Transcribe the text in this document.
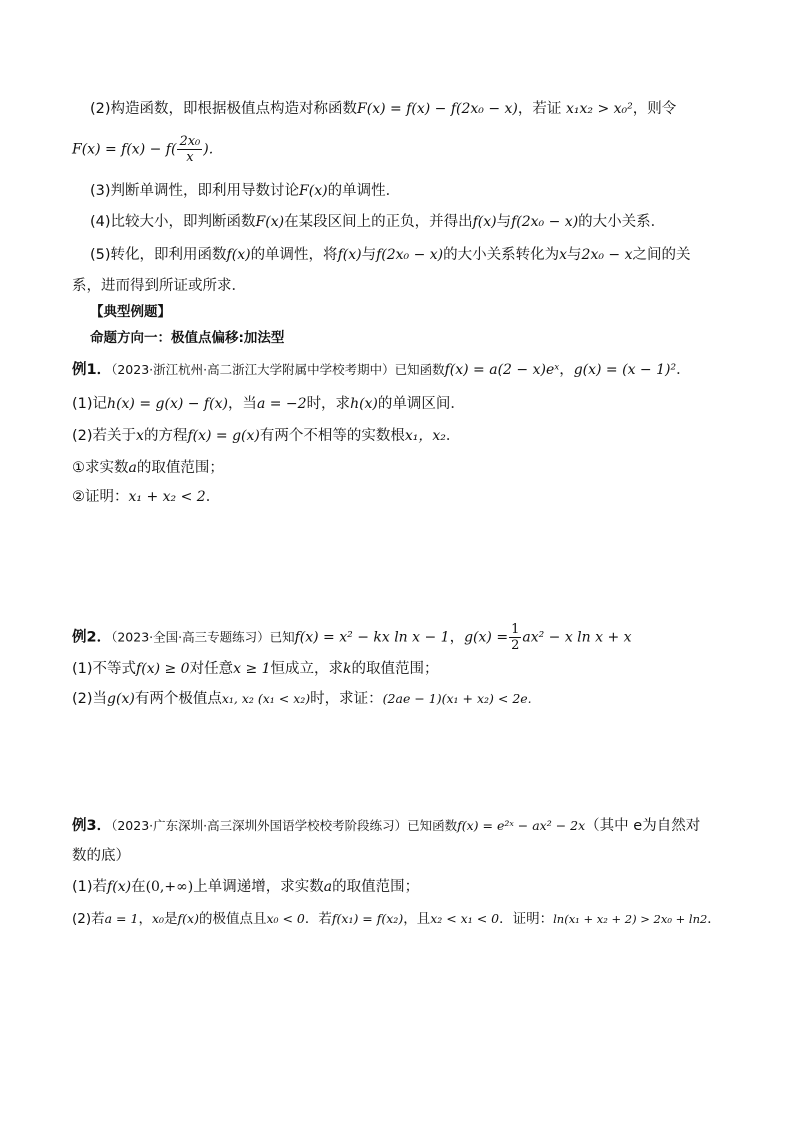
(2)构造函数，即根据极值点构造对称函数F(x) = f(x) − f(2x₀ − x)，若证 x₁x₂ > x₀²，则令
$F(x) = f(x) - f( \frac{\text{2x₀}}{x}$ ).
(3)判断单调性，即利用导数讨论F(x)的单调性．
(4)比较大小，即判断函数F(x)在某段区间上的正负，并得出f(x)与f(2x₀ − x)的大小关系．
(5)转化，即利用函数f(x)的单调性，将f(x)与f(2x₀ − x)的大小关系转化为x与2x₀ − x之间的关
系，进而得到所证或所求．
【典型例题】
命题方向一：极值点偏移:加法型
例1．（2023·浙江杭州·高二浙江大学附属中学校考期中）已知函数f(x) = a(2 − x)eˣ，g(x) = (x − 1)²．
(1)记h(x) = g(x) − f(x)，当a = −2时，求h(x)的单调区间．
(2)若关于x的方程f(x) = g(x)有两个不相等的实数根x₁，x₂．
①求实数a的取值范围；
②证明：x₁ + x₂ < 2．
例2．（2023·全国·高三专题练习）已知f(x) = x² − kx ln x − 1，$g(x) = \frac{1}{2} ax^2 - x$ ln x + x
(1)不等式f(x) ≥ 0对任意x ≥ 1恒成立，求k的取值范围；
(2)当g(x)有两个极值点x₁, x₂ (x₁ < x₂)时，求证：(2ae − 1)(x₁ + x₂) < 2e.
例3．（2023·广东深圳·高三深圳外国语学校校考阶段练习）已知函数f(x) = e²ˣ − ax² − 2x（其中 e为自然对
数的底）
(1)若f(x)在(0,+∞)上单调递增，求实数a的取值范围；
(2)若a = 1，x₀是f(x)的极值点且x₀ < 0．若f(x₁) = f(x₂)，且x₂ < x₁ < 0．证明：ln(x₁ + x₂ + 2) > 2x₀ + ln2．
